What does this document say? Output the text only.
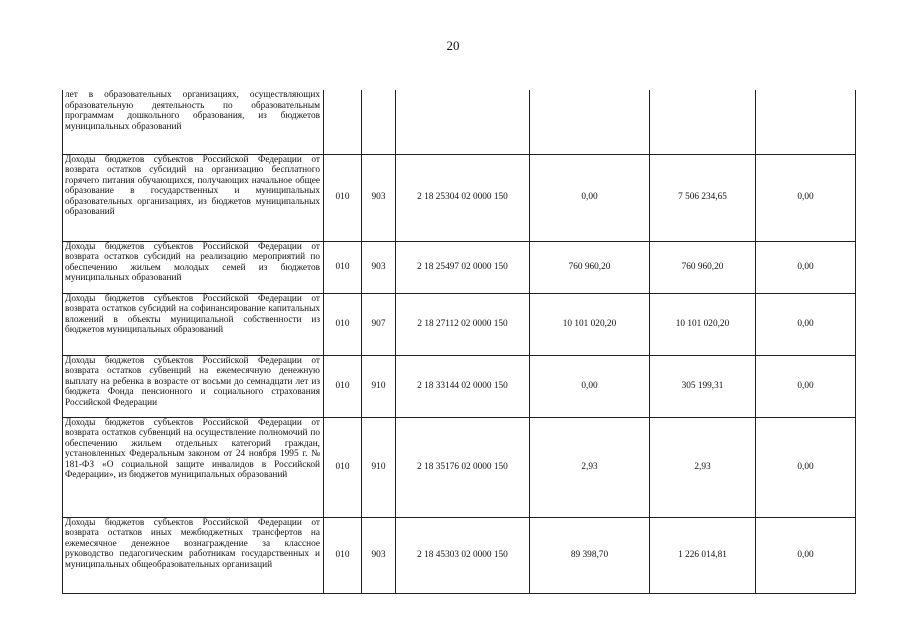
20
лет в образовательных организациях, осуществляющих образовательную деятельность по образовательным программам дошкольного образования, из бюджетов муниципальных образований						
Доходы бюджетов субъектов Российской Федерации от возврата остатков субсидий на организацию бесплатного горячего питания обучающихся, получающих начальное общее образование в государственных и муниципальных образовательных организациях, из бюджетов муниципальных образований	010	903	2 18 25304 02 0000 150	0,00	7 506 234,65	0,00
Доходы бюджетов субъектов Российской Федерации от возврата остатков субсидий на реализацию мероприятий по обеспечению жильем молодых семей из бюджетов муниципальных образований	010	903	2 18 25497 02 0000 150	760 960,20	760 960,20	0,00
Доходы бюджетов субъектов Российской Федерации от возврата остатков субсидий на софинансирование капитальных вложений в объекты муниципальной собственности из бюджетов муниципальных образований	010	907	2 18 27112 02 0000 150	10 101 020,20	10 101 020,20	0,00
Доходы бюджетов субъектов Российской Федерации от возврата остатков субвенций на ежемесячную денежную выплату на ребенка в возрасте от восьми до семнадцати лет из бюджета Фонда пенсионного и социального страхования Российской Федерации	010	910	2 18 33144 02 0000 150	0,00	305 199,31	0,00
Доходы бюджетов субъектов Российской Федерации от возврата остатков субвенций на осуществление полномочий по обеспечению жильем отдельных категорий граждан, установленных Федеральным законом от 24 ноября 1995 г. № 181-ФЗ «О социальной защите инвалидов в Российской Федерации», из бюджетов муниципальных образований	010	910	2 18 35176 02 0000 150	2,93	2,93	0,00
Доходы бюджетов субъектов Российской Федерации от возврата остатков иных межбюджетных трансфертов на ежемесячное денежное вознаграждение за классное руководство педагогическим работникам государственных и муниципальных общеобразовательных организаций	010	903	2 18 45303 02 0000 150	89 398,70	1 226 014,81	0,00
